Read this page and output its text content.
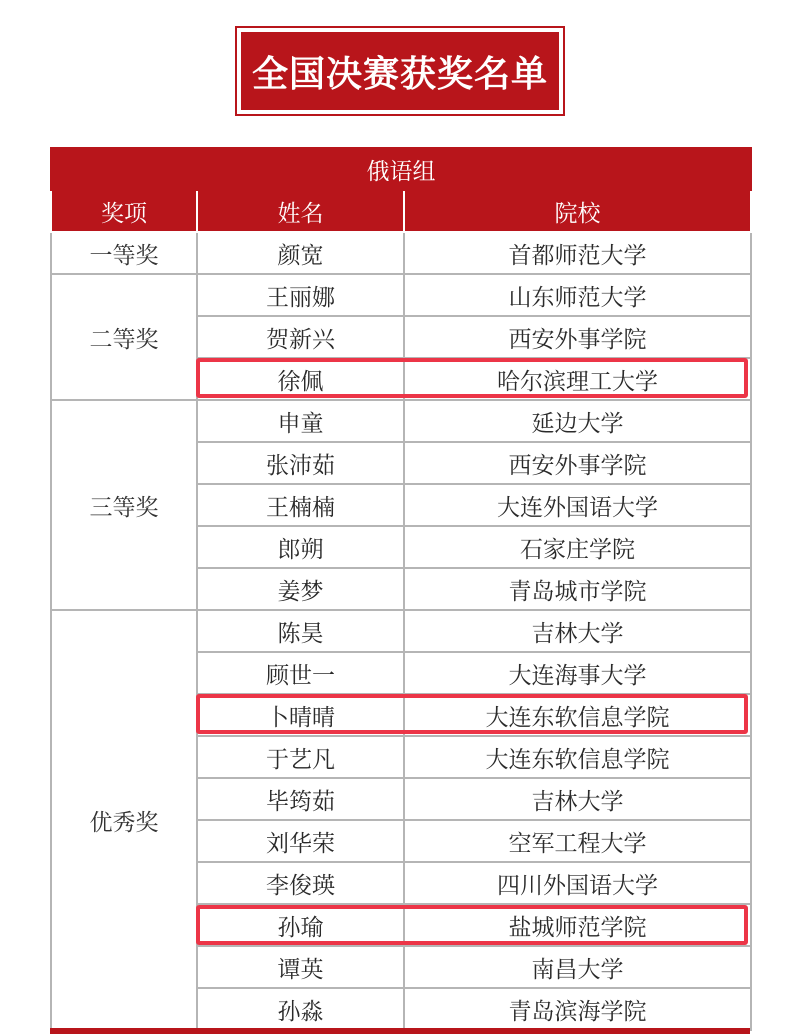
全国决赛获奖名单
俄语组		
奖项	姓名	院校
一等奖	颜宽	首都师范大学
二等奖	王丽娜	山东师范大学
	贺新兴	西安外事学院
	徐佩	哈尔滨理工大学
三等奖	申童	延边大学
	张沛茹	西安外事学院
	王楠楠	大连外国语大学
	郎朔	石家庄学院
	姜梦	青岛城市学院
优秀奖	陈昊	吉林大学
	顾世一	大连海事大学
	卜晴晴	大连东软信息学院
	于艺凡	大连东软信息学院
	毕筠茹	吉林大学
	刘华荣	空军工程大学
	李俊瑛	四川外国语大学
	孙瑜	盐城师范学院
	谭英	南昌大学
	孙淼	青岛滨海学院
